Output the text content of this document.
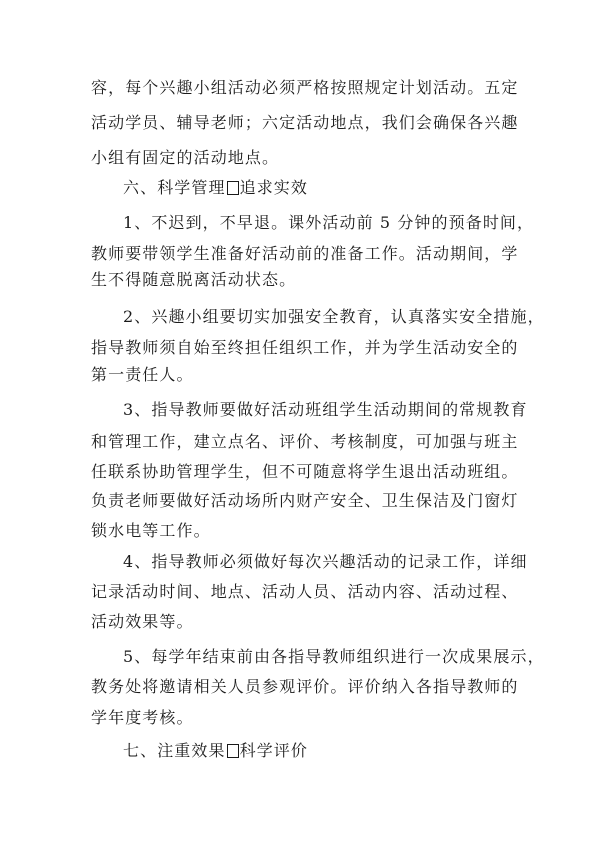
容，每个兴趣小组活动必须严格按照规定计划活动。五定
活动学员、辅导老师；六定活动地点，我们会确保各兴趣
小组有固定的活动地点。
六、科学管理 追求实效
1、不迟到，不早退。课外活动前 5 分钟的预备时间，
教师要带领学生准备好活动前的准备工作。活动期间，学
生不得随意脱离活动状态。
2、兴趣小组要切实加强安全教育，认真落实安全措施，
指导教师须自始至终担任组织工作，并为学生活动安全的
第一责任人。
3、指导教师要做好活动班组学生活动期间的常规教育
和管理工作，建立点名、评价、考核制度，可加强与班主
任联系协助管理学生，但不可随意将学生退出活动班组。
负责老师要做好活动场所内财产安全、卫生保洁及门窗灯
锁水电等工作。
4、指导教师必须做好每次兴趣活动的记录工作，详细
记录活动时间、地点、活动人员、活动内容、活动过程、
活动效果等。
5、每学年结束前由各指导教师组织进行一次成果展示，
教务处将邀请相关人员参观评价。评价纳入各指导教师的
学年度考核。
七、注重效果 科学评价
